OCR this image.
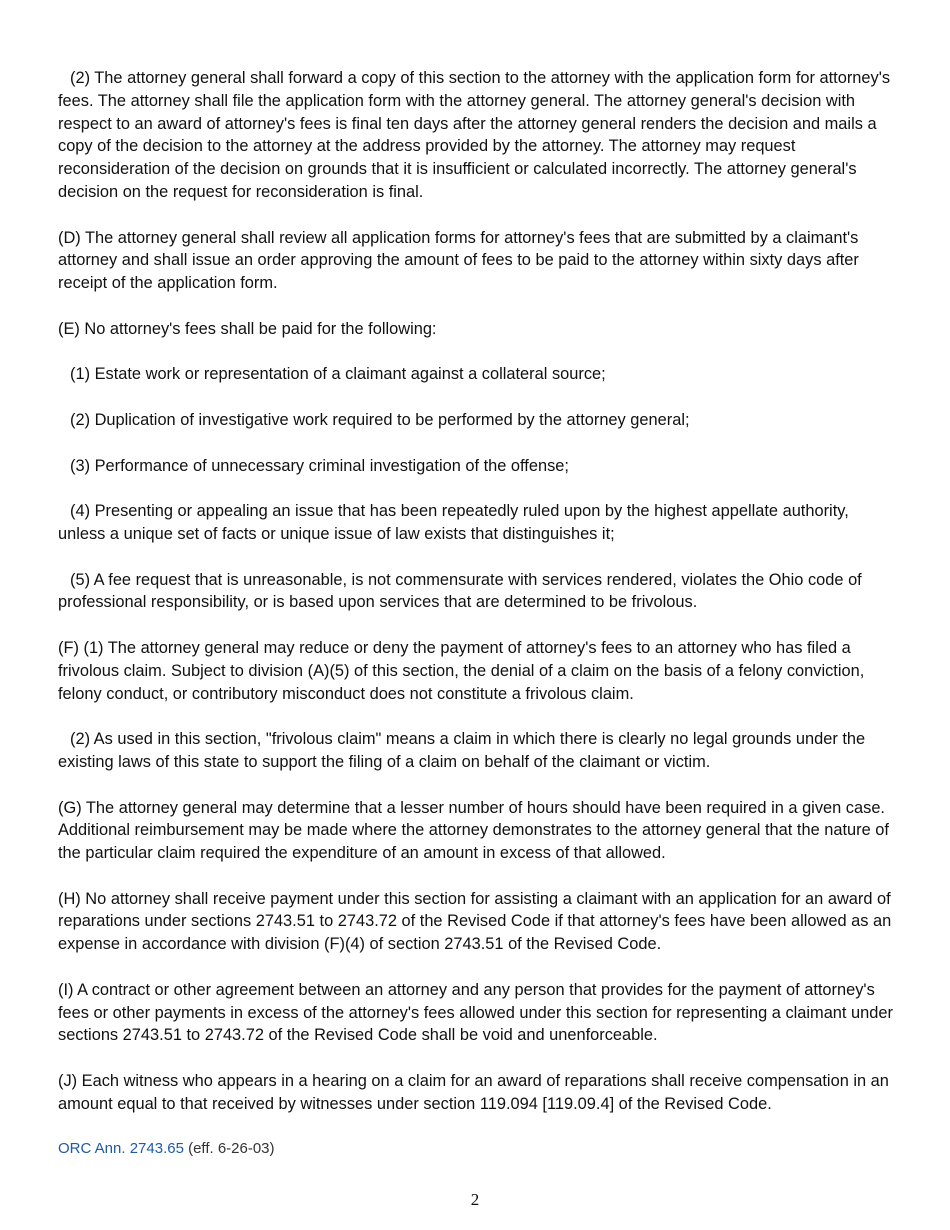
(2) The attorney general shall forward a copy of this section to the attorney with the application form for attorney's fees. The attorney shall file the application form with the attorney general. The attorney general's decision with respect to an award of attorney's fees is final ten days after the attorney general renders the decision and mails a copy of the decision to the attorney at the address provided by the attorney. The attorney may request reconsideration of the decision on grounds that it is insufficient or calculated incorrectly. The attorney general's decision on the request for reconsideration is final.

(D) The attorney general shall review all application forms for attorney's fees that are submitted by a claimant's attorney and shall issue an order approving the amount of fees to be paid to the attorney within sixty days after receipt of the application form.

(E) No attorney's fees shall be paid for the following:

(1) Estate work or representation of a claimant against a collateral source;

(2) Duplication of investigative work required to be performed by the attorney general;

(3) Performance of unnecessary criminal investigation of the offense;

(4) Presenting or appealing an issue that has been repeatedly ruled upon by the highest appellate authority, unless a unique set of facts or unique issue of law exists that distinguishes it;

(5) A fee request that is unreasonable, is not commensurate with services rendered, violates the Ohio code of professional responsibility, or is based upon services that are determined to be frivolous.

(F) (1) The attorney general may reduce or deny the payment of attorney's fees to an attorney who has filed a frivolous claim. Subject to division (A)(5) of this section, the denial of a claim on the basis of a felony conviction, felony conduct, or contributory misconduct does not constitute a frivolous claim.

(2) As used in this section, "frivolous claim" means a claim in which there is clearly no legal grounds under the existing laws of this state to support the filing of a claim on behalf of the claimant or victim.

(G) The attorney general may determine that a lesser number of hours should have been required in a given case. Additional reimbursement may be made where the attorney demonstrates to the attorney general that the nature of the particular claim required the expenditure of an amount in excess of that allowed.

(H) No attorney shall receive payment under this section for assisting a claimant with an application for an award of reparations under sections 2743.51 to 2743.72 of the Revised Code if that attorney's fees have been allowed as an expense in accordance with division (F)(4) of section 2743.51 of the Revised Code.

(I) A contract or other agreement between an attorney and any person that provides for the payment of attorney's fees or other payments in excess of the attorney's fees allowed under this section for representing a claimant under sections 2743.51 to 2743.72 of the Revised Code shall be void and unenforceable.

(J) Each witness who appears in a hearing on a claim for an award of reparations shall receive compensation in an amount equal to that received by witnesses under section 119.094 [119.09.4] of the Revised Code.

ORC Ann. 2743.65 (eff. 6-26-03)

2
